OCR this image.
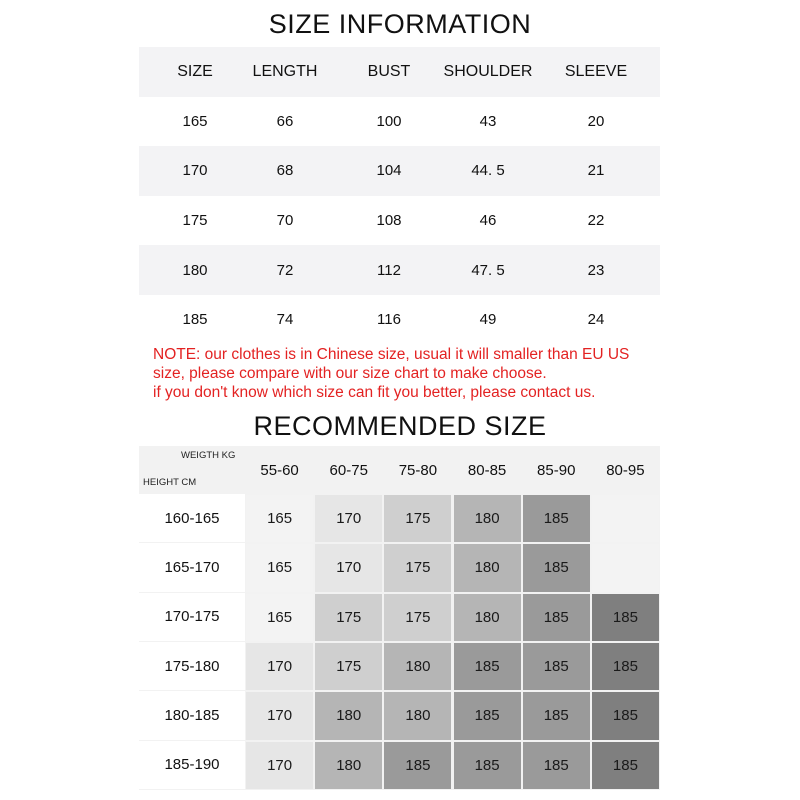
SIZE INFORMATION
SIZE	LENGTH	BUST	SHOULDER	SLEEVE
165	66	100	43	20
170	68	104	44. 5	21
175	70	108	46	22
180	72	112	47. 5	23
185	74	116	49	24
NOTE: our clothes is in Chinese size, usual it will smaller than EU US
size, please compare with our size chart to make choose.
if you don't know which size can fit you better, please contact us.
RECOMMENDED SIZE
WEIGTH KG
HEIGHT CM
55-60	60-75	75-80	80-85	85-90	80-95
160-165	165	170	175	180	185
165-170	165	170	175	180	185
170-175	165	175	175	180	185	185
175-180	170	175	180	185	185	185
180-185	170	180	180	185	185	185
185-190	170	180	185	185	185	185
